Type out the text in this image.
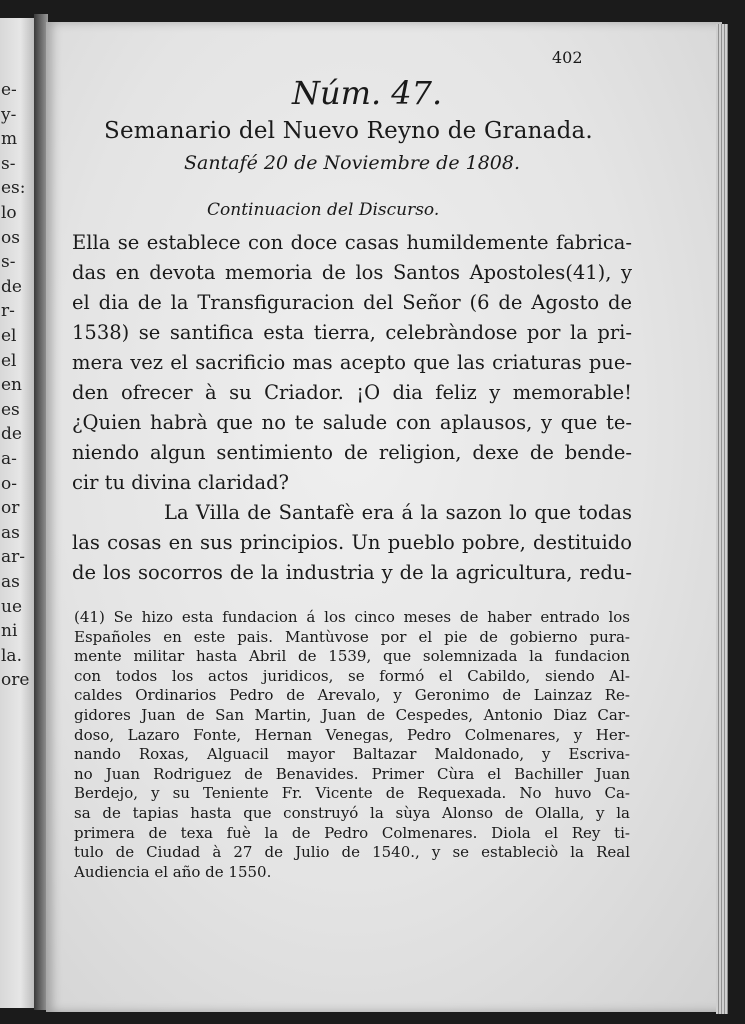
e-
y-
m
s-
es:
lo
os
s-
de
r-
el
el
en
es
de
a-
o-
or
as
ar-
as
ue
ni
la.
ore

402

Núm. 47.

Semanario del Nuevo Reyno de Granada.

Santafé 20 de Noviembre de 1808.

Continuacion del Discurso.

Ella se establece con doce casas humildemente fabrica-
das en devota memoria de los Santos Apostoles(41), y
el dia de la Transfiguracion del Señor (6 de Agosto de
1538) se santifica esta tierra, celebràndose por la pri-
mera vez el sacrificio mas acepto que las criaturas pue-
den ofrecer à su Criador. ¡O dia feliz y memorable!
¿Quien habrà que no te salude con aplausos, y que te-
niendo algun sentimiento de religion, dexe de bende-
cir tu divina claridad?
La Villa de Santafè era á la sazon lo que todas
las cosas en sus principios. Un pueblo pobre, destituido
de los socorros de la industria y de la agricultura, redu-
(41) Se hizo esta fundacion á los cinco meses de haber entrado los
Españoles en este pais. Mantùvose por el pie de gobierno pura-
mente militar hasta Abril de 1539, que solemnizada la fundacion
con todos los actos juridicos, se formó el Cabildo, siendo Al-
caldes Ordinarios Pedro de Arevalo, y Geronimo de Lainzaz Re-
gidores Juan de San Martin, Juan de Cespedes, Antonio Diaz Car-
doso, Lazaro Fonte, Hernan Venegas, Pedro Colmenares, y Her-
nando Roxas, Alguacil mayor Baltazar Maldonado, y Escriva-
no Juan Rodriguez de Benavides. Primer Cùra el Bachiller Juan
Berdejo, y su Teniente Fr. Vicente de Requexada. No huvo Ca-
sa de tapias hasta que construyó la sùya Alonso de Olalla, y la
primera de texa fuè la de Pedro Colmenares. Diola el Rey ti-
tulo de Ciudad à 27 de Julio de 1540., y se estableciò la Real
Audiencia el año de 1550.
